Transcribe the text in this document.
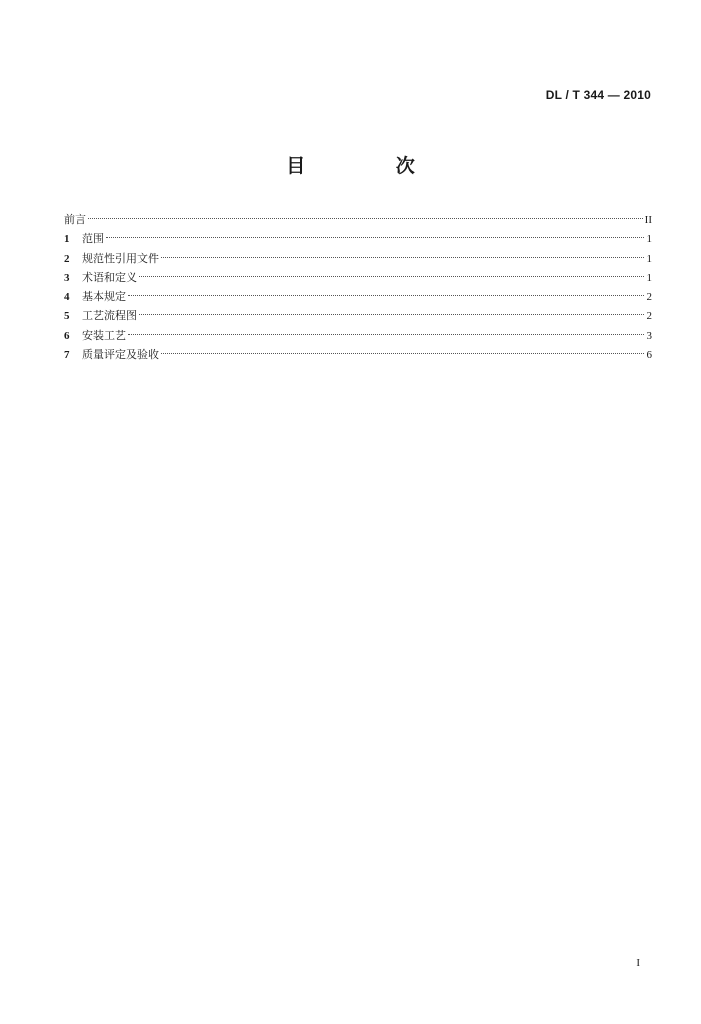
DL / T 344 — 2010
目 次
前言	II
1	范围	1
2	规范性引用文件	1
3	术语和定义	1
4	基本规定	2
5	工艺流程图	2
6	安装工艺	3
7	质量评定及验收	6
I
